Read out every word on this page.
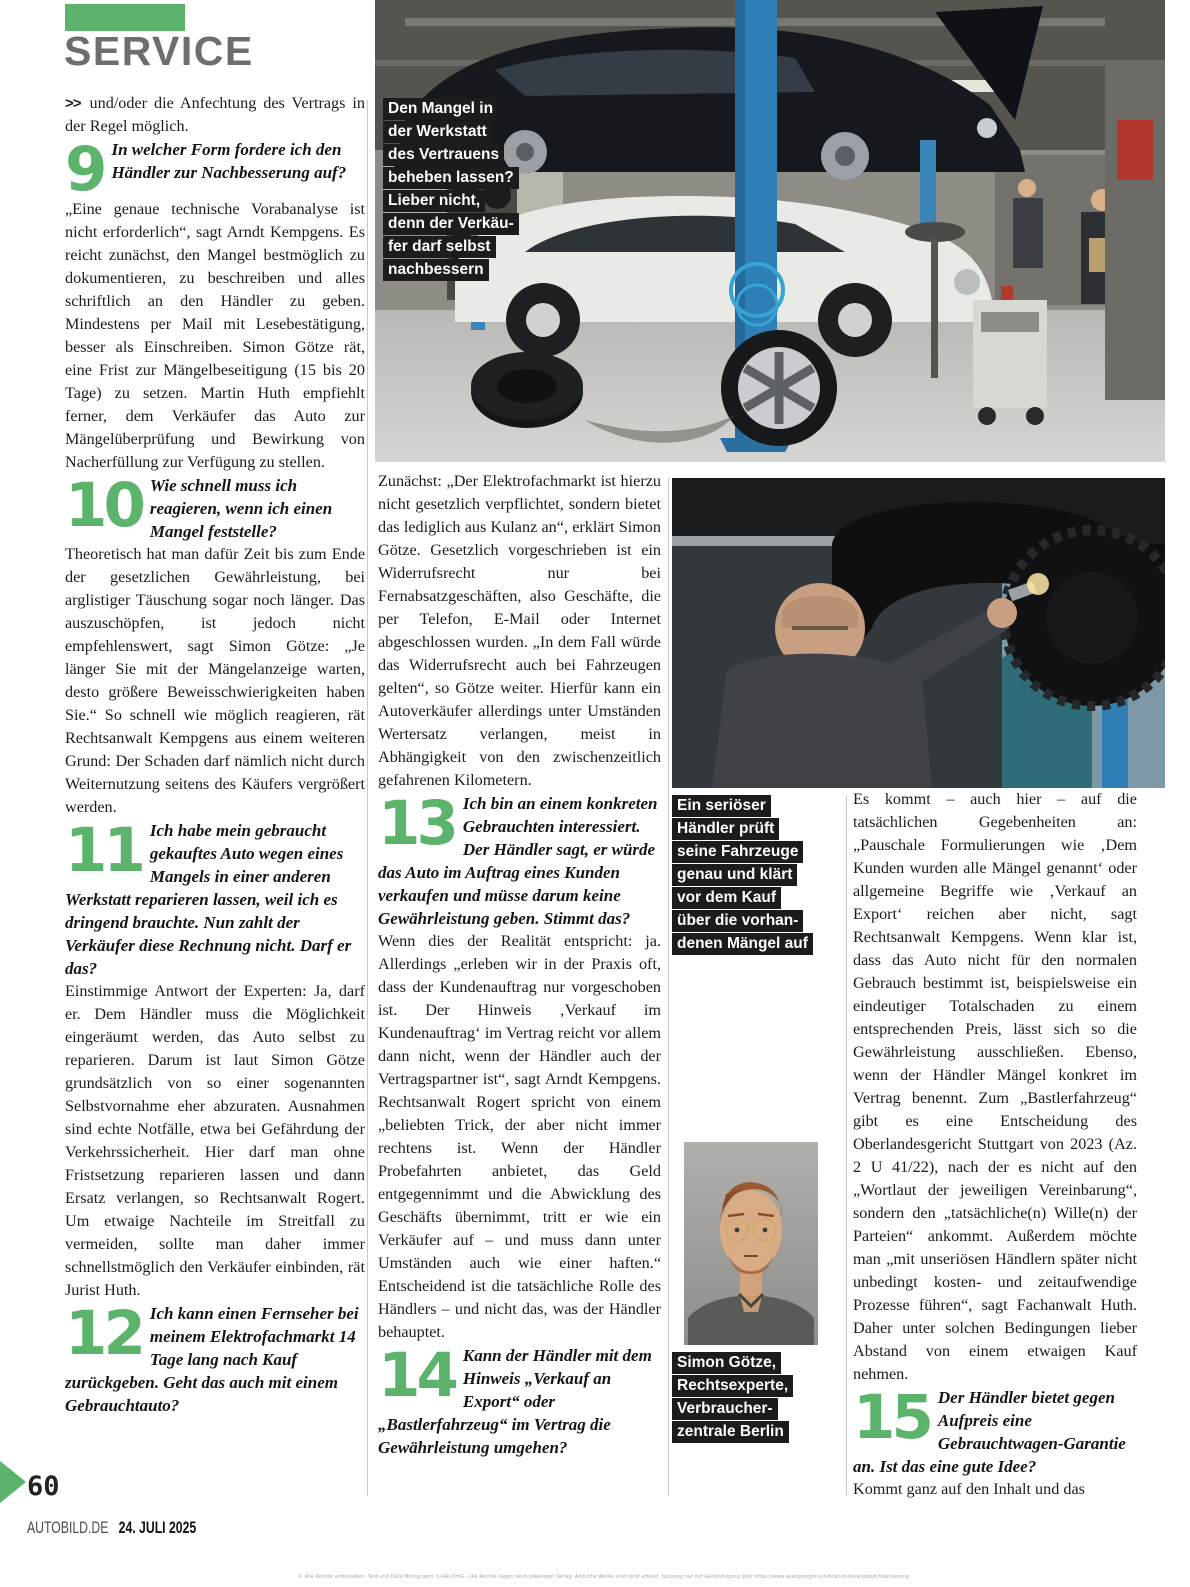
SERVICE
Den Mangel in
der Werkstatt
des Vertrauens
beheben lassen?
Lieber nicht,
denn der Verkäu-
fer darf selbst
nachbessern
Ein seriöser
Händler prüft
seine Fahrzeuge
genau und klärt
vor dem Kauf
über die vorhan-
denen Mängel auf
Simon Götze,
Rechtsexperte,
Verbraucher-
zentrale Berlin

>> und/oder die Anfechtung des Vertrags in der Regel möglich.

9 In welcher Form fordere ich den Händler zur Nachbesserung auf?

„Eine genaue technische Vorabanalyse ist nicht erforderlich“, sagt Arndt Kempgens. Es reicht zunächst, den Mangel bestmöglich zu dokumentieren, zu beschreiben und alles schriftlich an den Händler zu geben. Mindestens per Mail mit Lesebestätigung, besser als Einschreiben. Simon Götze rät, eine Frist zur Mängelbeseitigung (15 bis 20 Tage) zu setzen. Martin Huth empfiehlt ferner, dem Verkäufer das Auto zur Mängelüberprüfung und Bewirkung von Nacherfüllung zur Verfügung zu stellen.

10 Wie schnell muss ich reagieren, wenn ich einen Mangel feststelle?

Theoretisch hat man dafür Zeit bis zum Ende der gesetzlichen Gewährleistung, bei arglistiger Täuschung sogar noch länger. Das auszuschöpfen, ist jedoch nicht empfehlenswert, sagt Simon Götze: „Je länger Sie mit der Mängelanzeige warten, desto größere Beweisschwierigkeiten haben Sie.“ So schnell wie möglich reagieren, rät Rechtsanwalt Kempgens aus einem weiteren Grund: Der Schaden darf nämlich nicht durch Weiternutzung seitens des Käufers vergrößert werden.

11 Ich habe mein gebraucht gekauftes Auto wegen eines Mangels in einer anderen Werkstatt reparieren lassen, weil ich es dringend brauchte. Nun zahlt der Verkäufer diese Rechnung nicht. Darf er das?

Einstimmige Antwort der Experten: Ja, darf er. Dem Händler muss die Möglichkeit eingeräumt werden, das Auto selbst zu reparieren. Darum ist laut Simon Götze grundsätzlich von so einer sogenannten Selbstvornahme eher abzuraten. Ausnahmen sind echte Notfälle, etwa bei Gefährdung der Verkehrssicherheit. Hier darf man ohne Fristsetzung reparieren lassen und dann Ersatz verlangen, so Rechtsanwalt Rogert. Um etwaige Nachteile im Streitfall zu vermeiden, sollte man daher immer schnellstmöglich den Verkäufer einbinden, rät Jurist Huth.

12 Ich kann einen Fernseher bei meinem Elektrofachmarkt 14 Tage lang nach Kauf zurückgeben. Geht das auch mit einem Gebrauchtauto?

Zunächst: „Der Elektrofachmarkt ist hierzu nicht gesetzlich verpflichtet, sondern bietet das lediglich aus Kulanz an“, erklärt Simon Götze. Gesetzlich vorgeschrieben ist ein Widerrufsrecht nur bei Fernabsatzgeschäften, also Geschäfte, die per Telefon, E-Mail oder Internet abgeschlossen wurden. „In dem Fall würde das Widerrufsrecht auch bei Fahrzeugen gelten“, so Götze weiter. Hierfür kann ein Autoverkäufer allerdings unter Umständen Wertersatz verlangen, meist in Abhängigkeit von den zwischenzeitlich gefahrenen Kilometern.

13 Ich bin an einem konkreten Gebrauchten interessiert. Der Händler sagt, er würde das Auto im Auftrag eines Kunden verkaufen und müsse darum keine Gewährleistung geben. Stimmt das?

Wenn dies der Realität entspricht: ja. Allerdings „erleben wir in der Praxis oft, dass der Kundenauftrag nur vorgeschoben ist. Der Hinweis ‚Verkauf im Kundenauftrag‘ im Vertrag reicht vor allem dann nicht, wenn der Händler auch der Vertragspartner ist“, sagt Arndt Kempgens. Rechtsanwalt Rogert spricht von einem „beliebten Trick, der aber nicht immer rechtens ist. Wenn der Händler Probefahrten anbietet, das Geld entgegennimmt und die Abwicklung des Geschäfts übernimmt, tritt er wie ein Verkäufer auf – und muss dann unter Umständen auch wie einer haften.“ Entscheidend ist die tatsächliche Rolle des Händlers – und nicht das, was der Händler behauptet.

14 Kann der Händler mit dem Hinweis „Verkauf an Export“ oder „Bastlerfahrzeug“ im Vertrag die Gewährleistung umgehen?

Es kommt – auch hier – auf die tatsächlichen Gegebenheiten an: „Pauschale Formulierungen wie ‚Dem Kunden wurden alle Mängel genannt‘ oder allgemeine Begriffe wie ‚Verkauf an Export‘ reichen aber nicht, sagt Rechtsanwalt Kempgens. Wenn klar ist, dass das Auto nicht für den normalen Gebrauch bestimmt ist, beispielsweise ein eindeutiger Totalschaden zu einem entsprechenden Preis, lässt sich so die Gewährleistung ausschließen. Ebenso, wenn der Händler Mängel konkret im Vertrag benennt. Zum „Bastlerfahrzeug“ gibt es eine Entscheidung des Oberlandesgericht Stuttgart von 2023 (Az. 2 U 41/22), nach der es nicht auf den „Wortlaut der jeweiligen Vereinbarung“, sondern den „tatsächliche(n) Wille(n) der Parteien“ ankommt. Außerdem möchte man „mit unseriösen Händlern später nicht unbedingt kosten- und zeitaufwendige Prozesse führen“, sagt Fachanwalt Huth. Daher unter solchen Bedingungen lieber Abstand von einem etwaigen Kauf nehmen.

15 Der Händler bietet gegen Aufpreis eine Gebrauchtwagen-Garantie an. Ist das eine gute Idee?

Kommt ganz auf den Inhalt und das

60
AUTOBILD.DE 24. JULI 2025
© Alle Rechte vorbehalten. Text und Data Mining gem. § 44b UrhG – die Rechte liegen beim jeweiligen Verlag. Amtliche Werke sind nicht erfasst. Nutzung nur mit Genehmigung über https://www.axelspringer-syndication.de/angebot/lizenzierung
